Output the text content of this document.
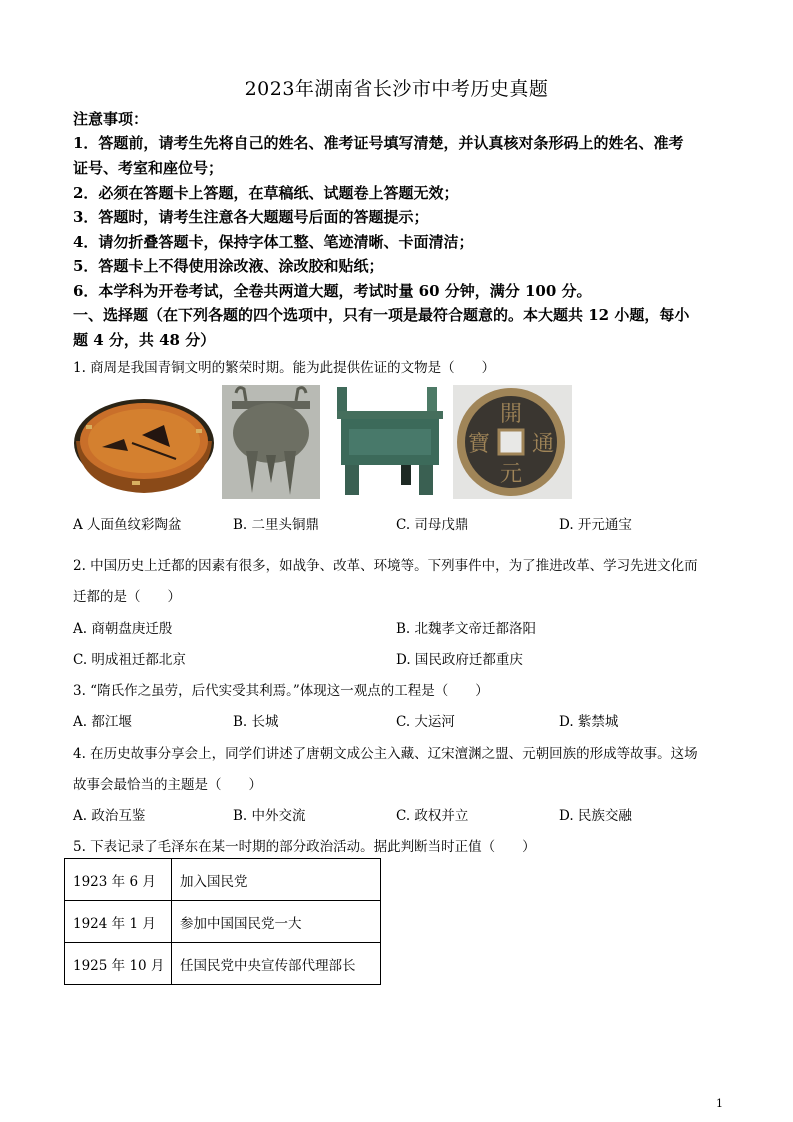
2023年湖南省长沙市中考历史真题
注意事项：
1．答题前，请考生先将自己的姓名、准考证号填写清楚，并认真核对条形码上的姓名、准考
证号、考室和座位号；
2．必须在答题卡上答题，在草稿纸、试题卷上答题无效；
3．答题时，请考生注意各大题题号后面的答题提示；
4．请勿折叠答题卡，保持字体工整、笔迹清晰、卡面清洁；
5．答题卡上不得使用涂改液、涂改胶和贴纸；
6．本学科为开卷考试，全卷共两道大题，考试时量 60 分钟，满分 100 分。
一、选择题（在下列各题的四个选项中，只有一项是最符合题意的。本大题共 12 小题，每小
题 4 分，共 48 分）
1. 商周是我国青铜文明的繁荣时期。能为此提供佐证的文物是（　　）
開
通
元
寶
A 人面鱼纹彩陶盆	B. 二里头铜鼎	C. 司母戊鼎	D. 开元通宝
2. 中国历史上迁都的因素有很多，如战争、改革、环境等。下列事件中，为了推进改革、学习先进文化而
迁都的是（　　）
A. 商朝盘庚迁殷	B. 北魏孝文帝迁都洛阳
C. 明成祖迁都北京	D. 国民政府迁都重庆
3. “隋氏作之虽劳，后代实受其利焉。”体现这一观点的工程是（　　）
A. 都江堰	B. 长城	C. 大运河	D. 紫禁城
4. 在历史故事分享会上，同学们讲述了唐朝文成公主入藏、辽宋澶渊之盟、元朝回族的形成等故事。这场
故事会最恰当的主题是（　　）
A. 政治互鉴	B. 中外交流	C. 政权并立	D. 民族交融
5. 下表记录了毛泽东在某一时期的部分政治活动。据此判断当时正值（　　）
1923 年 6 月	加入国民党
1924 年 1 月	参加中国国民党一大
1925 年 10 月	任国民党中央宣传部代理部长
1
